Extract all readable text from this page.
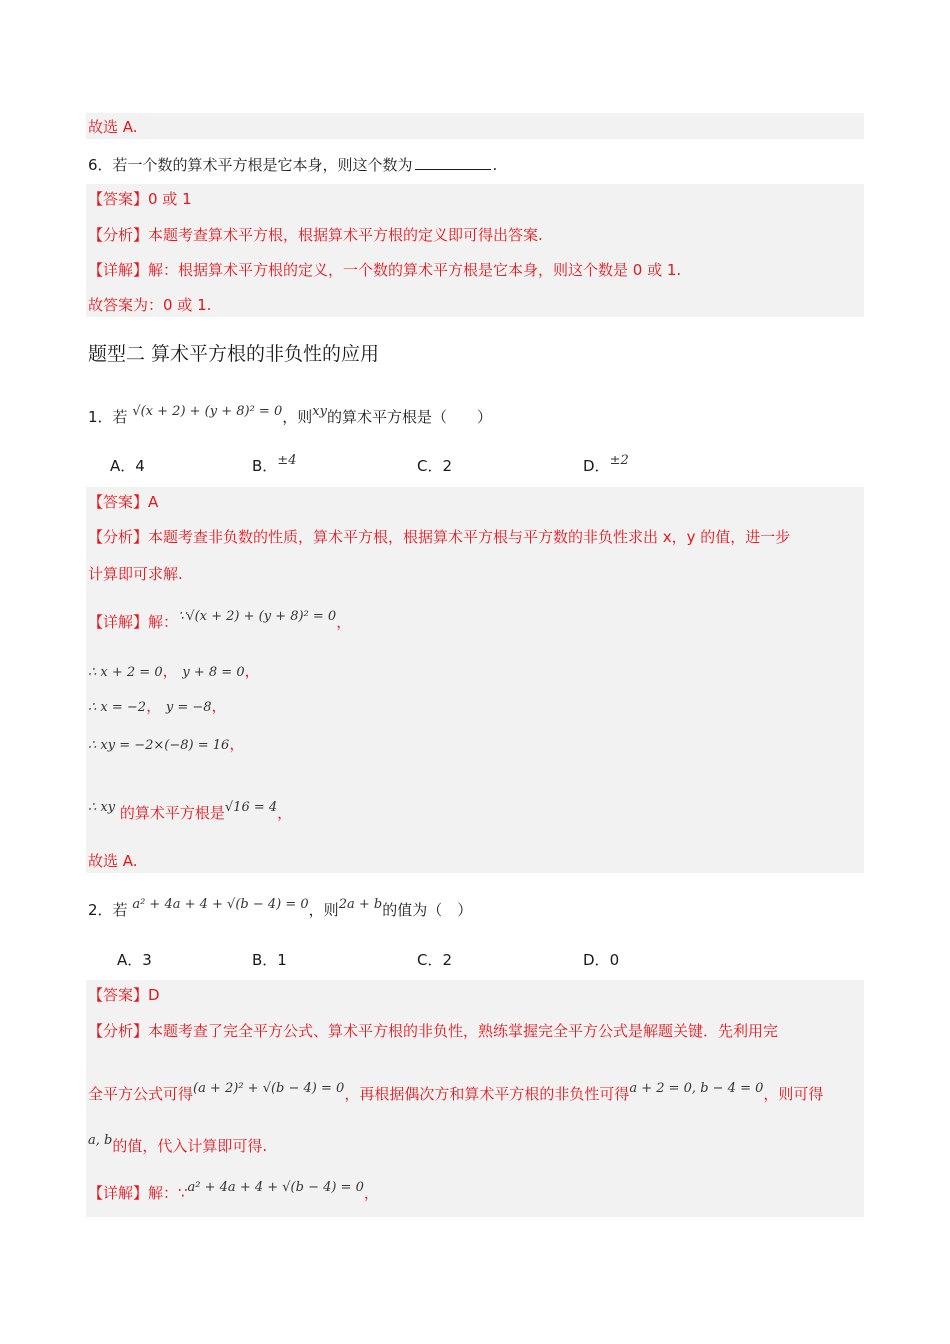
故选 A.
6．若一个数的算术平方根是它本身，则这个数为	.
【答案】0 或 1
【分析】本题考查算术平方根，根据算术平方根的定义即可得出答案.
【详解】解：根据算术平方根的定义，一个数的算术平方根是它本身，则这个数是 0 或 1.
故答案为：0 或 1.
题型二 算术平方根的非负性的应用
1．若 √(x + 2) + (y + 8)² = 0，则xy的算术平方根是（　　）
A．4	B．±4	C．2	D．±2
【答案】A
【分析】本题考查非负数的性质，算术平方根，根据算术平方根与平方数的非负性求出 x，y 的值，进一步
计算即可求解.
【详解】解：∵√(x + 2) + (y + 8)² = 0，
∴ x + 2 = 0， y + 8 = 0，
∴ x = −2， y = −8，
∴ xy = −2×(−8) = 16，
∴ xy 的算术平方根是√16 = 4，
故选 A.
2．若 a² + 4a + 4 + √(b − 4) = 0，则2a + b的值为（　）
A．3	B．1	C．2	D．0
【答案】D
【分析】本题考查了完全平方公式、算术平方根的非负性，熟练掌握完全平方公式是解题关键．先利用完
全平方公式可得(a + 2)² + √(b − 4) = 0，再根据偶次方和算术平方根的非负性可得a + 2 = 0, b − 4 = 0，则可得
a, b的值，代入计算即可得.
【详解】解：∵a² + 4a + 4 + √(b − 4) = 0，
